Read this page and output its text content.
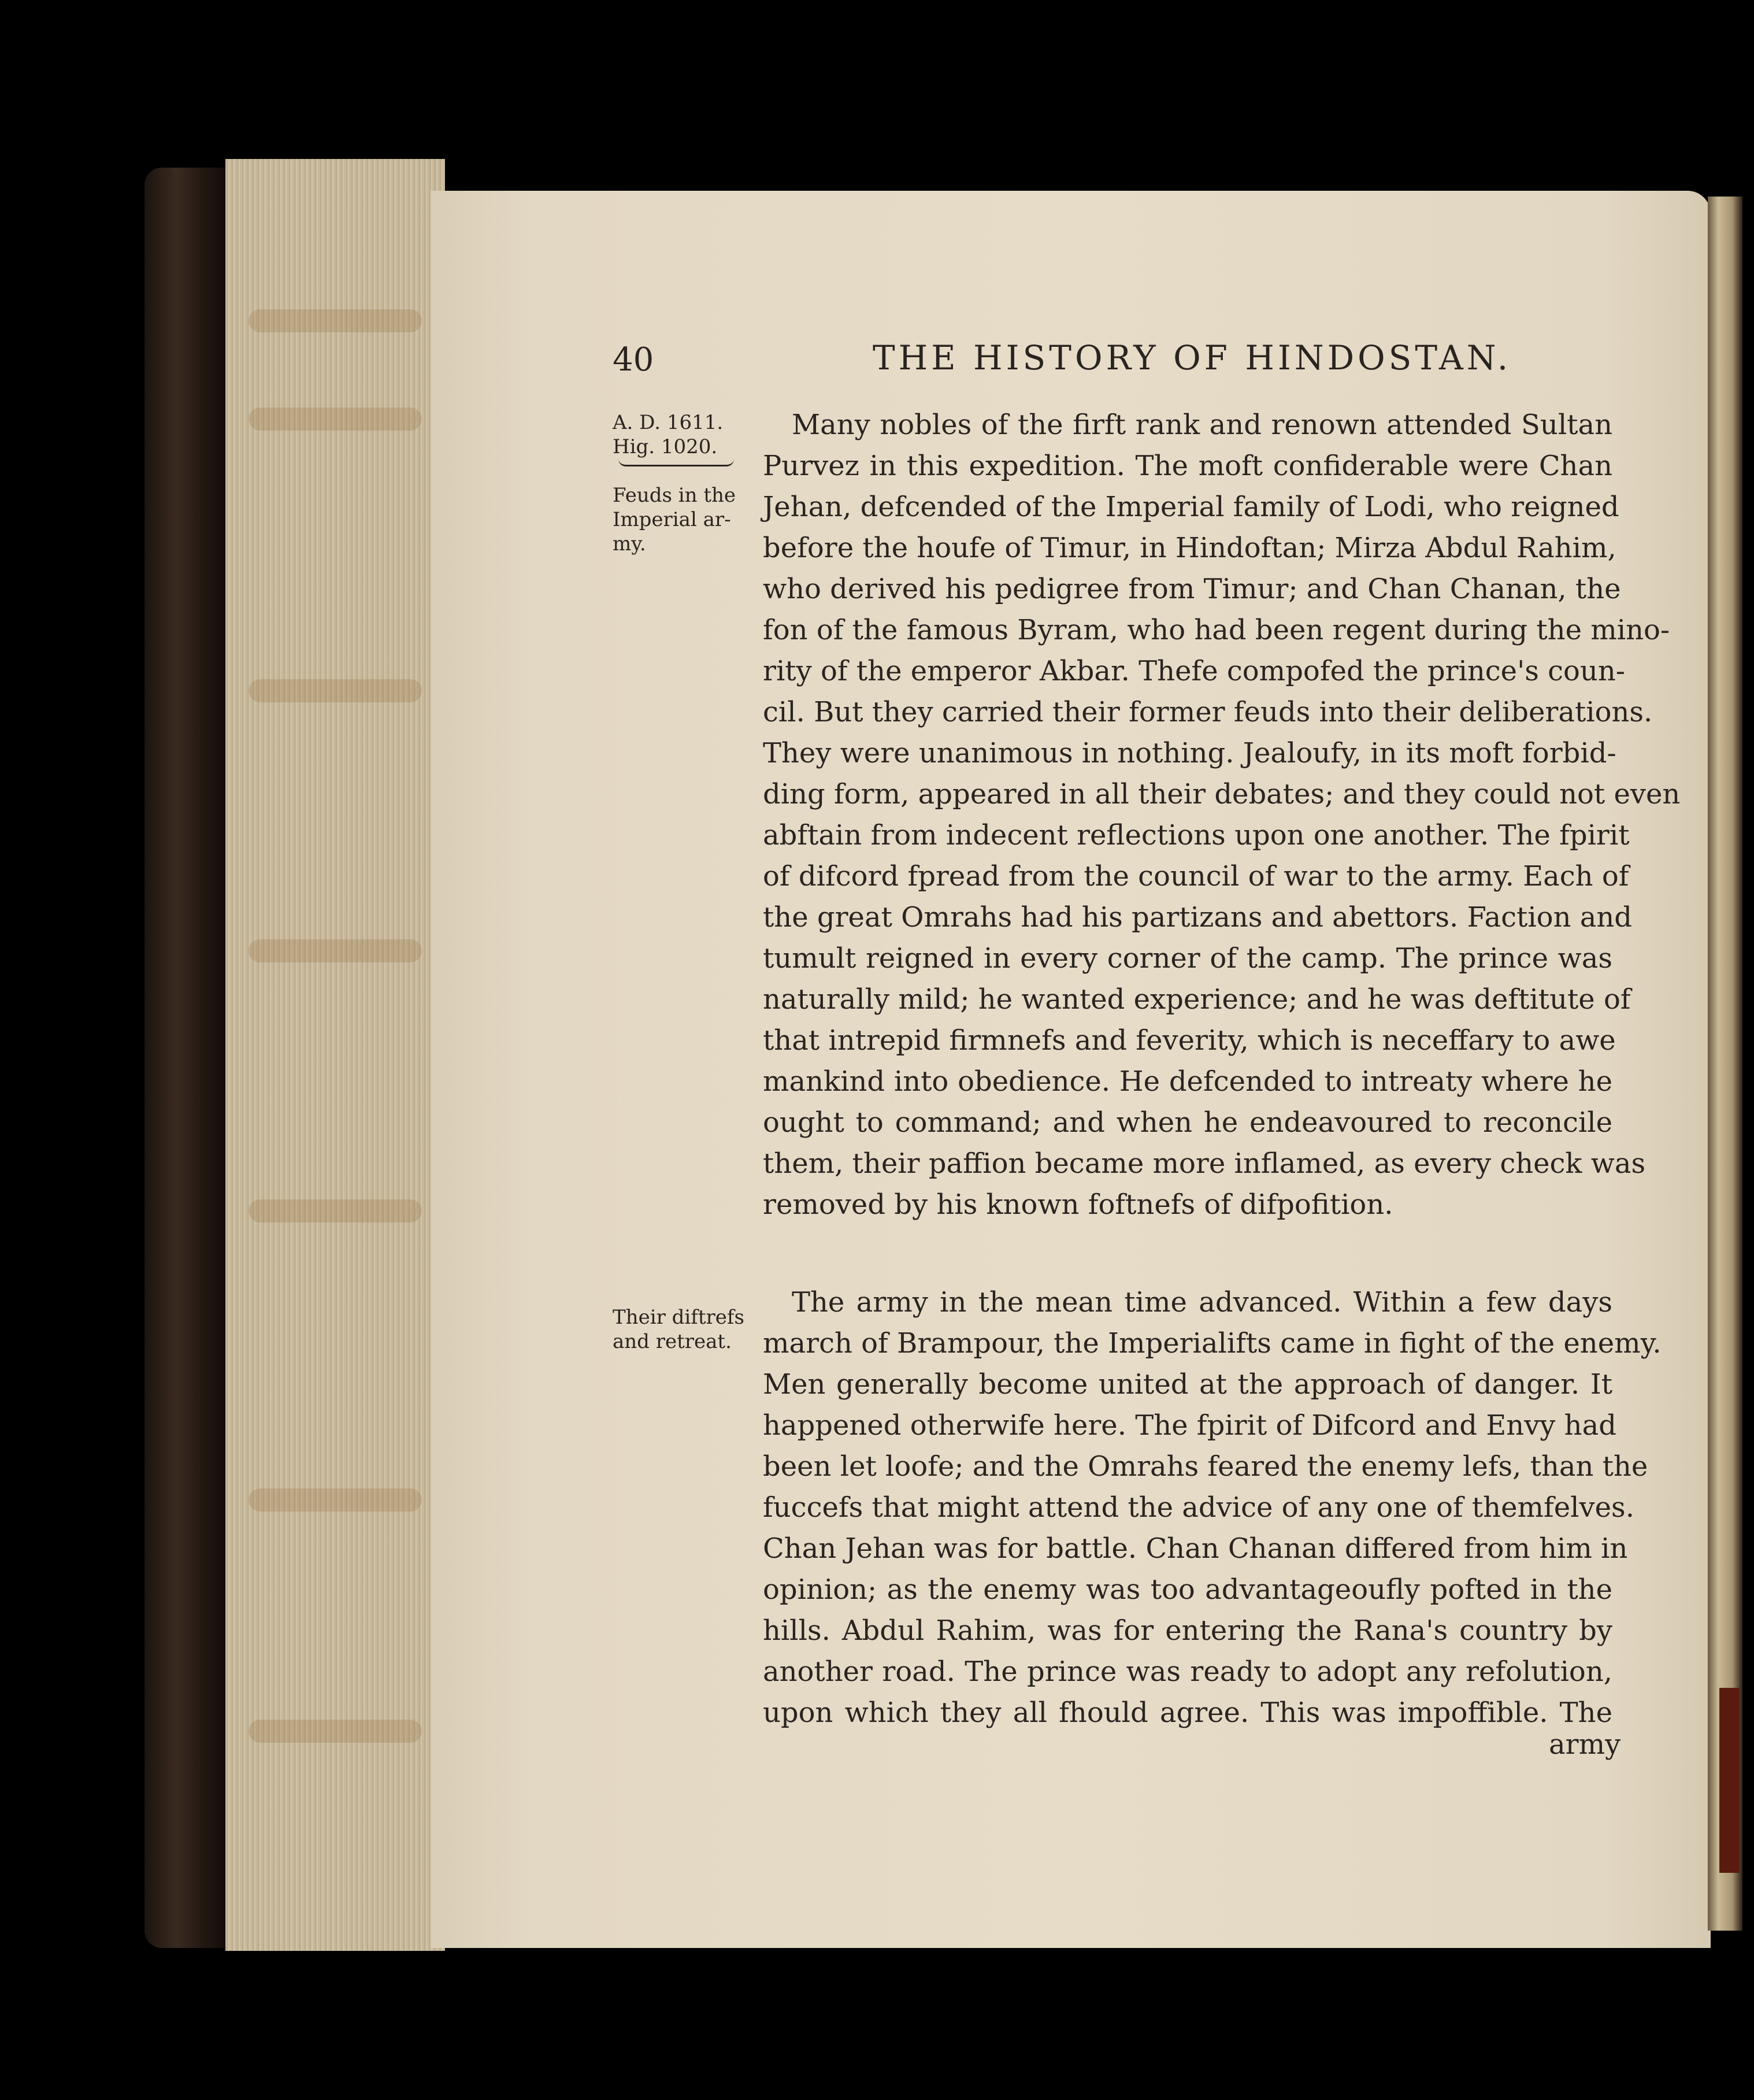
40	THE HISTORY OF HINDOSTAN.
A. D. 1611.
Hig. 1020.
Feuds in the
Imperial ar-
my.
Their diftrefs
and retreat.
Many nobles of the firft rank and renown attended Sultan
Purvez in this expedition. The moft confiderable were Chan
Jehan, defcended of the Imperial family of Lodi, who reigned
before the houfe of Timur, in Hindoftan; Mirza Abdul Rahim,
who derived his pedigree from Timur; and Chan Chanan, the
fon of the famous Byram, who had been regent during the mino-
rity of the emperor Akbar. Thefe compofed the prince's coun-
cil. But they carried their former feuds into their deliberations.
They were unanimous in nothing. Jealoufy, in its moft forbid-
ding form, appeared in all their debates; and they could not even
abftain from indecent reflections upon one another. The fpirit
of difcord fpread from the council of war to the army. Each of
the great Omrahs had his partizans and abettors. Faction and
tumult reigned in every corner of the camp. The prince was
naturally mild; he wanted experience; and he was deftitute of
that intrepid firmnefs and feverity, which is neceffary to awe
mankind into obedience. He defcended to intreaty where he
ought to command; and when he endeavoured to reconcile
them, their paffion became more inflamed, as every check was
removed by his known foftnefs of difpofition.
The army in the mean time advanced. Within a few days
march of Brampour, the Imperialifts came in fight of the enemy.
Men generally become united at the approach of danger. It
happened otherwife here. The fpirit of Difcord and Envy had
been let loofe; and the Omrahs feared the enemy lefs, than the
fuccefs that might attend the advice of any one of themfelves.
Chan Jehan was for battle. Chan Chanan differed from him in
opinion; as the enemy was too advantageoufly pofted in the
hills. Abdul Rahim, was for entering the Rana's country by
another road. The prince was ready to adopt any refolution,
upon which they all fhould agree. This was impoffible. The
army
